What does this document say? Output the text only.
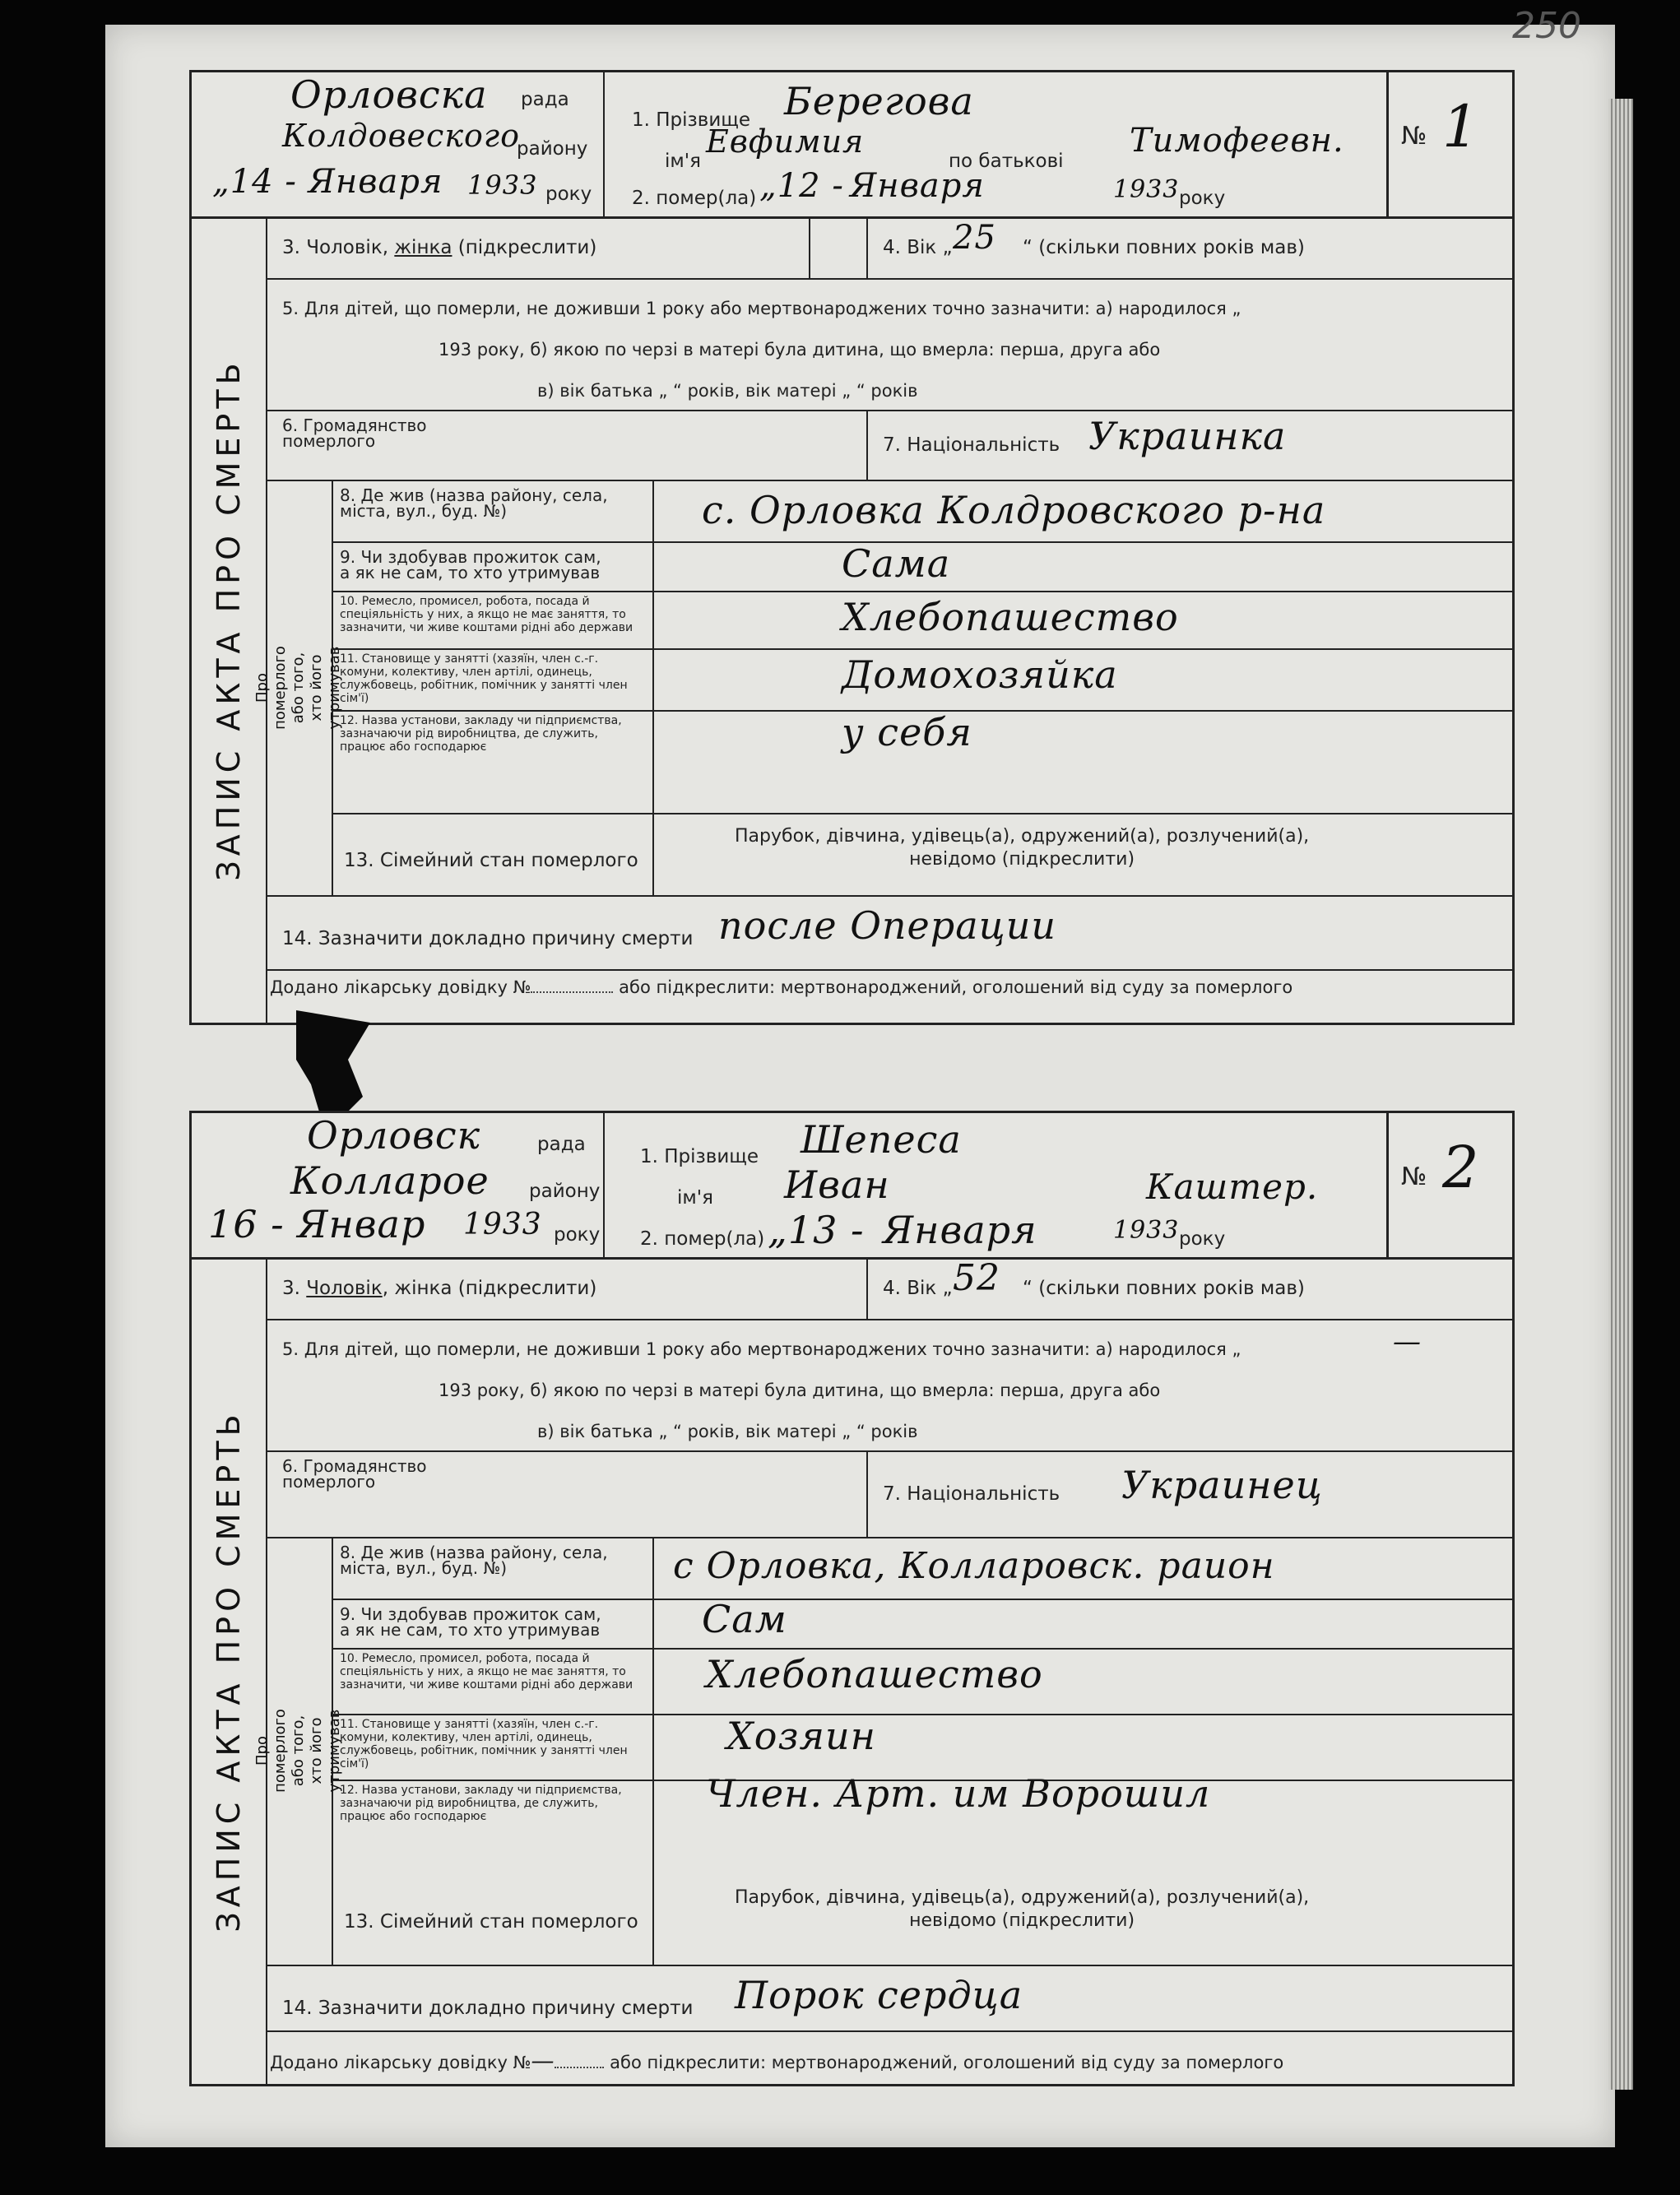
250
Орловска рада
Колдовеского
району
„14 - Января 1933 року
1. Прізвище Берегова
ім'я
Евфимия
по батькові
Тимофеевн.
2. помер(ла) „12 - Января	1933 року
№ 1
ЗАПИС АКТА ПРО СМЕРТЬ
3. Чоловік, жінка (підкреслити)	4. Вік „ 25 “ (скільки повних років мав)
5. Для дітей, що померли, не доживши 1 року або мертвонароджених точно зазначити: а) народилося „
193 року, б) якою по черзі в матері була дитина, що вмерла: перша, друга або
в) вік батька „ “ років, вік матері „ “ років
6. Громадянство
померлого	7. Національність Украинка
Про померлого або того, хто його
утримував
8. Де жив (назва району, села,
міста, вул., буд. №)	с. Орловка Колдровского р-на
9. Чи здобував прожиток сам,
а як не сам, то хто утримував	Сама
10. Ремесло, промисел, робота, посада й спеціяльність у них, а якщо не має заняття, то зазначити, чи живе коштами рідні або держави	Хлебопашество
11. Становище у занятті (хазяїн, член с.-г. комуни, колективу, член артілі, одинець, службовець, робітник, помічник у занятті член сім'ї)
Домохозяйка
12. Назва установи, закладу чи підприємства, зазначаючи рід виробництва, де служить, працює або господарює	у себя
13. Сімейний стан померлого
Парубок, дівчина, удівець(а), одружений(а), розлучений(а),
невідомо (підкреслити)
14. Зазначити докладно причину смерти после Операции
Додано лікарську довідку №	або підкреслити: мертвонароджений, оголошений від суду за померлого
Орловск	рада
Колларое району
16 - Январ 1933 року
1. Прізвище Шепеса
ім'я Иван	Каштер.
2. помер(ла) „13 - Января	1933 року
№ 2
ЗАПИС АКТА ПРО СМЕРТЬ
3. Чоловік, жінка (підкреслити)	4. Вік „ 52 “ (скільки повних років мав)
5. Для дітей, що померли, не доживши 1 року або мертвонароджених точно зазначити: а) народилося „	—
193 року, б) якою по черзі в матері була дитина, що вмерла: перша, друга або
в) вік батька „ “ років, вік матері „ “ років
6. Громадянство
померлого
7. Національність Украинец
Про померлого або того, хто його
утримував
8. Де жив (назва району, села,
міста, вул., буд. №)	с Орловка, Колларовск. раион
9. Чи здобував прожиток сам,
а як не сам, то хто утримував	Сам
10. Ремесло, промисел, робота, посада й спеціяльність у них, а якщо не має заняття, то зазначити, чи живе коштами рідні або держави	Хлебопашество
11. Становище у занятті (хазяїн, член с.-г. комуни, колективу, член артілі, одинець, службовець, робітник, помічник у занятті член сім'ї)
Хозяин
12. Назва установи, закладу чи підприємства, зазначаючи рід виробництва, де служить, працює або господарює
Член. Арт. им Ворошил
13. Сімейний стан померлого
Парубок, дівчина, удівець(а), одружений(а), розлучений(а),
невідомо (підкреслити)
14. Зазначити докладно причину смерти Порок сердца
Додано лікарську довідку №—	або підкреслити: мертвонароджений, оголошений від суду за померлого
